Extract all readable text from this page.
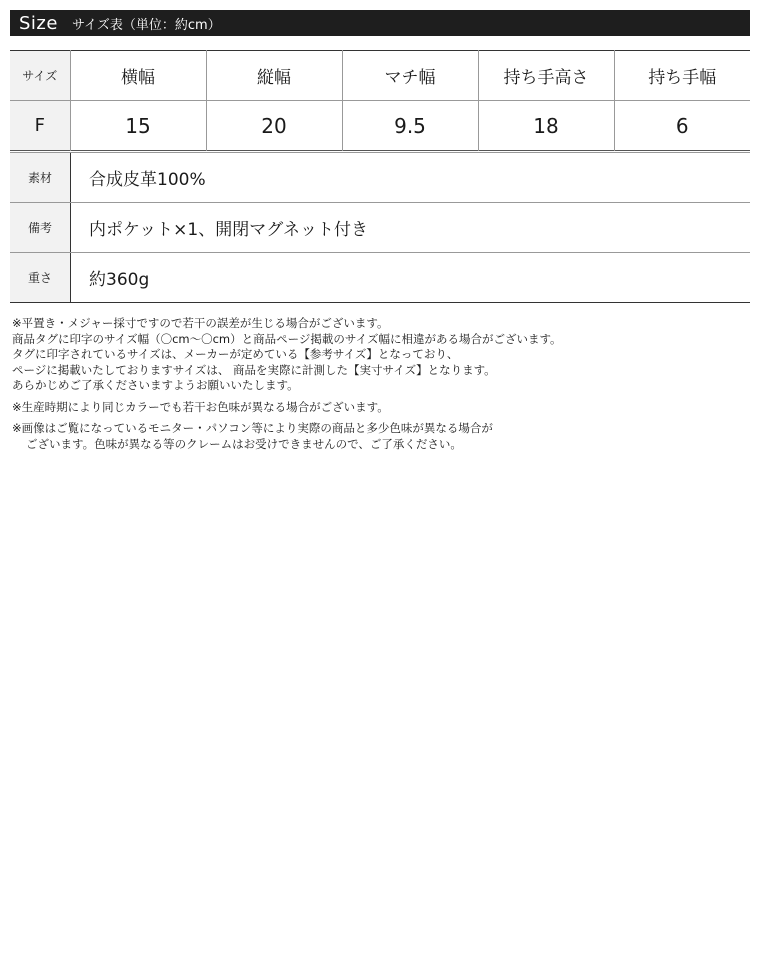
Size サイズ表（単位：約cm）
サイズ	横幅	縦幅	マチ幅	持ち手高さ	持ち手幅
F	15	20	9.5	18	6
素材	合成皮革100%
備考	内ポケット×1、開閉マグネット付き
重さ	約360g
※平置き・メジャー採寸ですので若干の誤差が生じる場合がございます。
商品タグに印字のサイズ幅（〇cm〜〇cm）と商品ページ掲載のサイズ幅に相違がある場合がございます。
タグに印字されているサイズは、メーカーが定めている【参考サイズ】となっており、
ページに掲載いたしておりますサイズは、 商品を実際に計測した【実寸サイズ】となります。
あらかじめご了承くださいますようお願いいたします。
※生産時期により同じカラーでも若干お色味が異なる場合がございます。
※画像はご覧になっているモニター・パソコン等により実際の商品と多少色味が異なる場合が
ございます。色味が異なる等のクレームはお受けできませんので、ご了承ください。
